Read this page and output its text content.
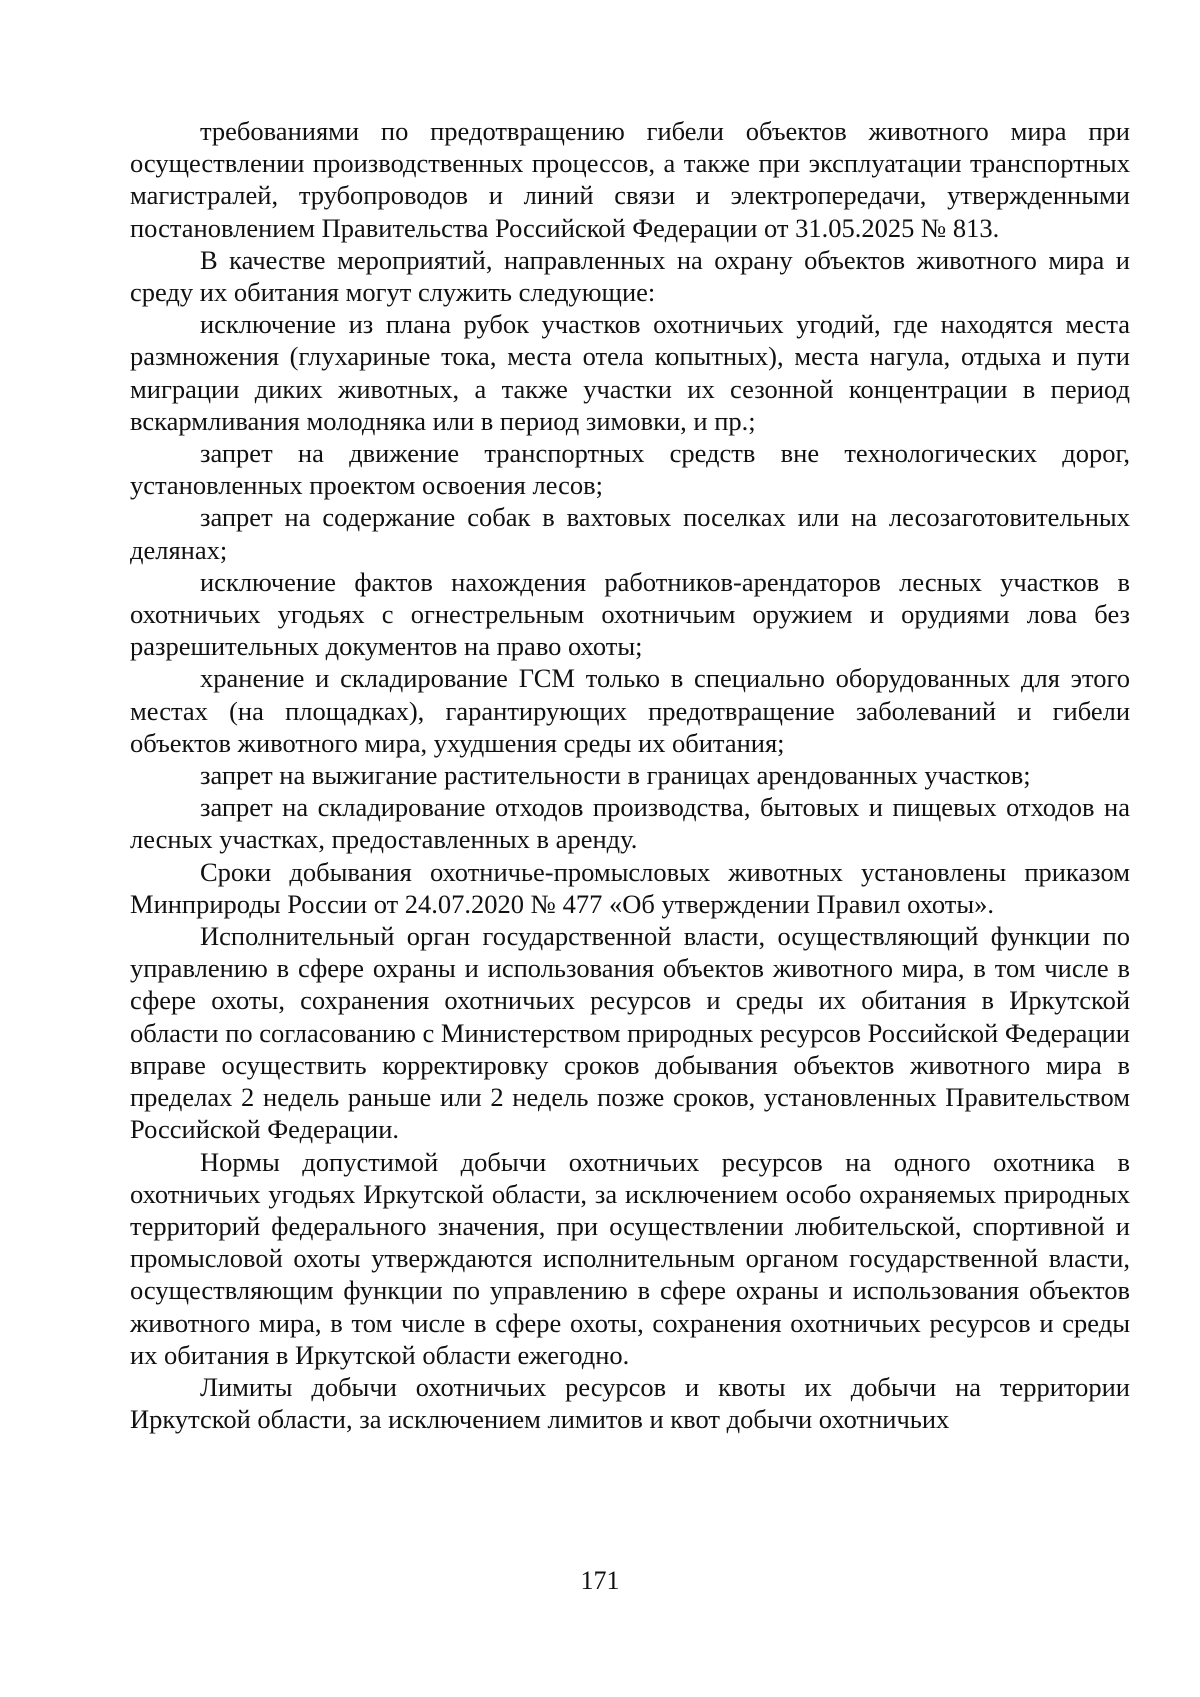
требованиями по предотвращению гибели объектов животного мира при осуществлении производственных процессов, а также при эксплуатации транспортных магистралей, трубопроводов и линий связи и электропередачи, утвержденными постановлением Правительства Российской Федерации от 31.05.2025 № 813.

В качестве мероприятий, направленных на охрану объектов животного мира и среду их обитания могут служить следующие:

исключение из плана рубок участков охотничьих угодий, где находятся места размножения (глухариные тока, места отела копытных), места нагула, отдыха и пути миграции диких животных, а также участки их сезонной концентрации в период вскармливания молодняка или в период зимовки, и пр.;

запрет на движение транспортных средств вне технологических дорог, установленных проектом освоения лесов;

запрет на содержание собак в вахтовых поселках или на лесозаготовительных делянах;

исключение фактов нахождения работников-арендаторов лесных участков в охотничьих угодьях с огнестрельным охотничьим оружием и орудиями лова без разрешительных документов на право охоты;

хранение и складирование ГСМ только в специально оборудованных для этого местах (на площадках), гарантирующих предотвращение заболеваний и гибели объектов животного мира, ухудшения среды их обитания;

запрет на выжигание растительности в границах арендованных участков;

запрет на складирование отходов производства, бытовых и пищевых отходов на лесных участках, предоставленных в аренду.

Сроки добывания охотничье-промысловых животных установлены приказом Минприроды России от 24.07.2020 № 477 «Об утверждении Правил охоты».

Исполнительный орган государственной власти, осуществляющий функции по управлению в сфере охраны и использования объектов животного мира, в том числе в сфере охоты, сохранения охотничьих ресурсов и среды их обитания в Иркутской области по согласованию с Министерством природных ресурсов Российской Федерации вправе осуществить корректировку сроков добывания объектов животного мира в пределах 2 недель раньше или 2 недель позже сроков, установленных Правительством Российской Федерации.

Нормы допустимой добычи охотничьих ресурсов на одного охотника в охотничьих угодьях Иркутской области, за исключением особо охраняемых природных территорий федерального значения, при осуществлении любительской, спортивной и промысловой охоты утверждаются исполнительным органом государственной власти, осуществляющим функции по управлению в сфере охраны и использования объектов животного мира, в том числе в сфере охоты, сохранения охотничьих ресурсов и среды их обитания в Иркутской области ежегодно.

Лимиты добычи охотничьих ресурсов и квоты их добычи на территории Иркутской области, за исключением лимитов и квот добычи охотничьих

171
